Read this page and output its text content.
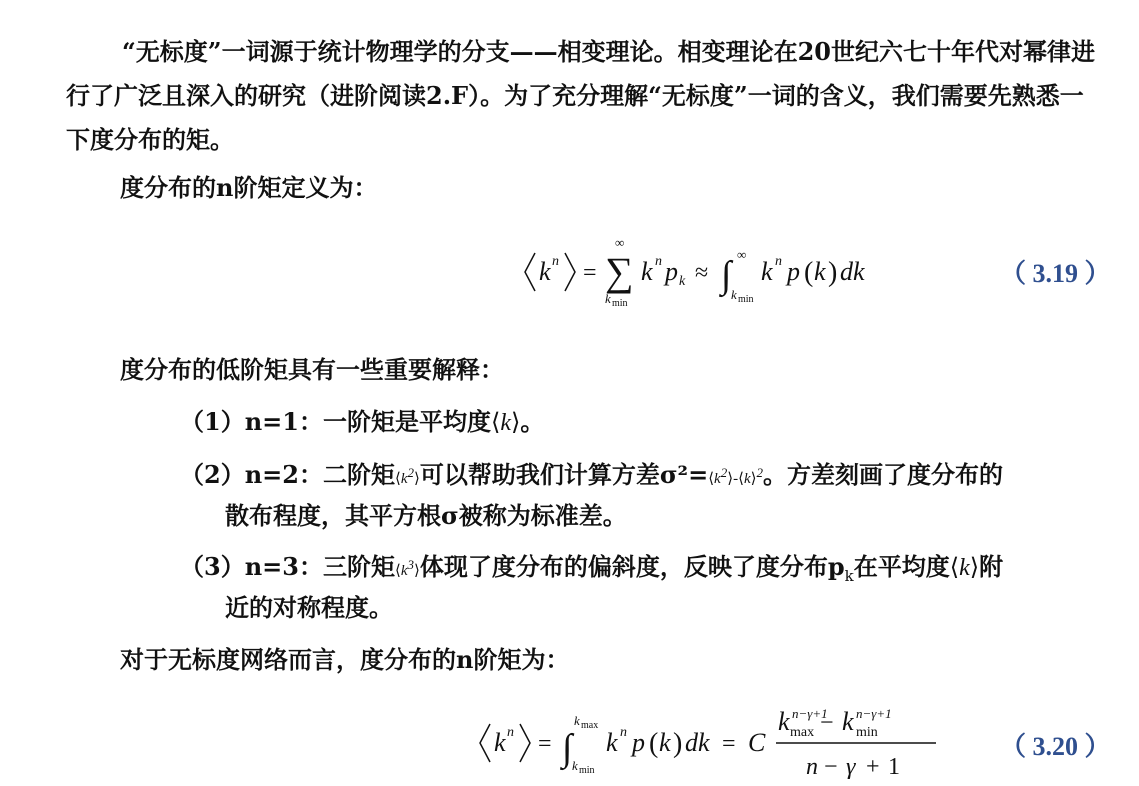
“无标度”一词源于统计物理学的分支——相变理论。相变理论在20世纪六七十年代对幂律进行了广泛且深入的研究（进阶阅读2.F）。为了充分理解“无标度”一词的含义，我们需要先熟悉一下度分布的矩。
度分布的n阶矩定义为：
k n =
∞
∑
k min
k n p k ≈ ∫ ∞
k min
k n p ( k ) dk	（ 3.19 ）
度分布的低阶矩具有一些重要解释：
（1）n=1：一阶矩是平均度⟨k⟩。
（2）n=2：二阶矩$⟨k^2⟩$可以帮助我们计算方差$\sigma^2=⟨k^2⟩-⟨k⟩^2$。方差刻画了度分布的
散布程度，其平方根σ被称为标准差。
（3）n=3：三阶矩$⟨k^3⟩$体现了度分布的偏斜度，反映了度分布$p_k$在平均度⟨k⟩附
近的对称程度。
对于无标度网络而言，度分布的n阶矩为：
k n = ∫
k max
k min
k n p ( k ) dk = C
k n−γ+1
max − k n−γ+1
min
n − γ + 1
（ 3.20 ）
